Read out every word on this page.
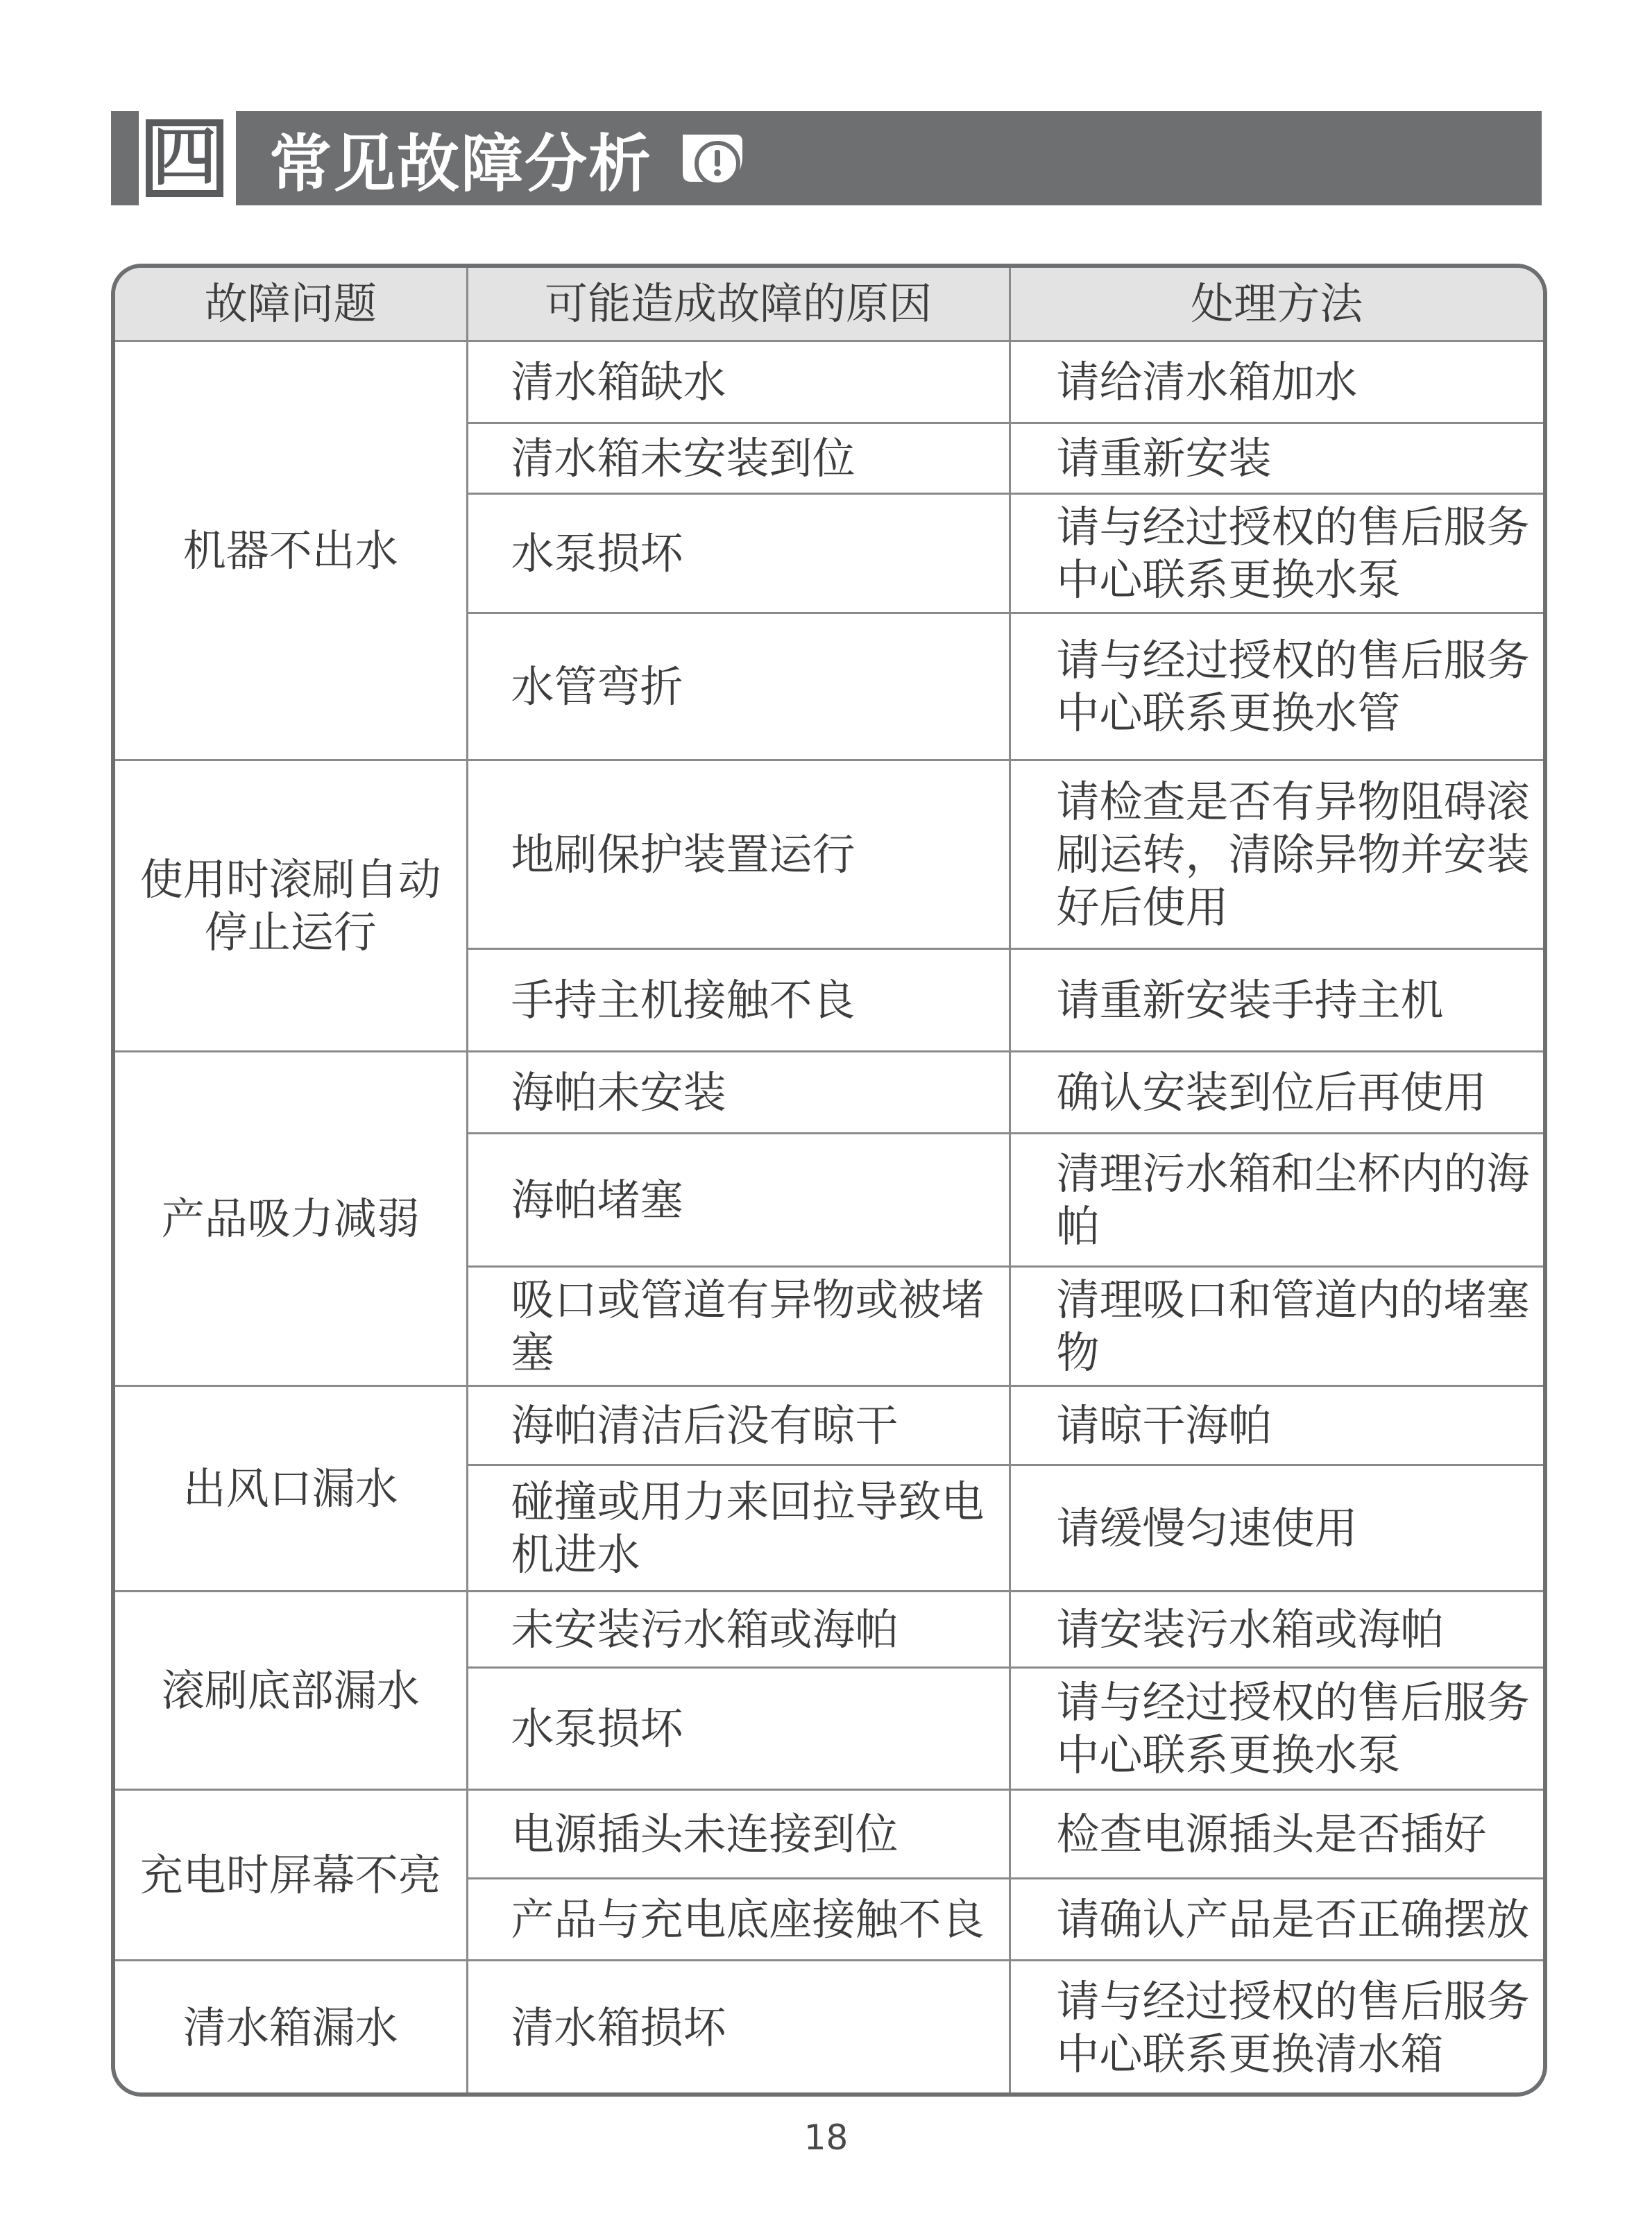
四 常见故障分析
故障问题	可能造成故障的原因	处理方法
机器不出水	清水箱缺水	请给清水箱加水
	清水箱未安装到位	请重新安装
	水泵损坏	请与经过授权的售后服务中心联系更换水泵
	水管弯折	请与经过授权的售后服务中心联系更换水管
使用时滚刷自动停止运行	地刷保护装置运行	请检查是否有异物阻碍滚刷运转，清除异物并安装好后使用
	手持主机接触不良	请重新安装手持主机
产品吸力减弱	海帕未安装	确认安装到位后再使用
	海帕堵塞	清理污水箱和尘杯内的海帕
	吸口或管道有异物或被堵塞	清理吸口和管道内的堵塞物
出风口漏水	海帕清洁后没有晾干	请晾干海帕
	碰撞或用力来回拉导致电机进水	请缓慢匀速使用
滚刷底部漏水	未安装污水箱或海帕	请安装污水箱或海帕
	水泵损坏	请与经过授权的售后服务中心联系更换水泵
充电时屏幕不亮	电源插头未连接到位	检查电源插头是否插好
	产品与充电底座接触不良	请确认产品是否正确摆放
清水箱漏水	清水箱损坏	请与经过授权的售后服务中心联系更换清水箱
18
